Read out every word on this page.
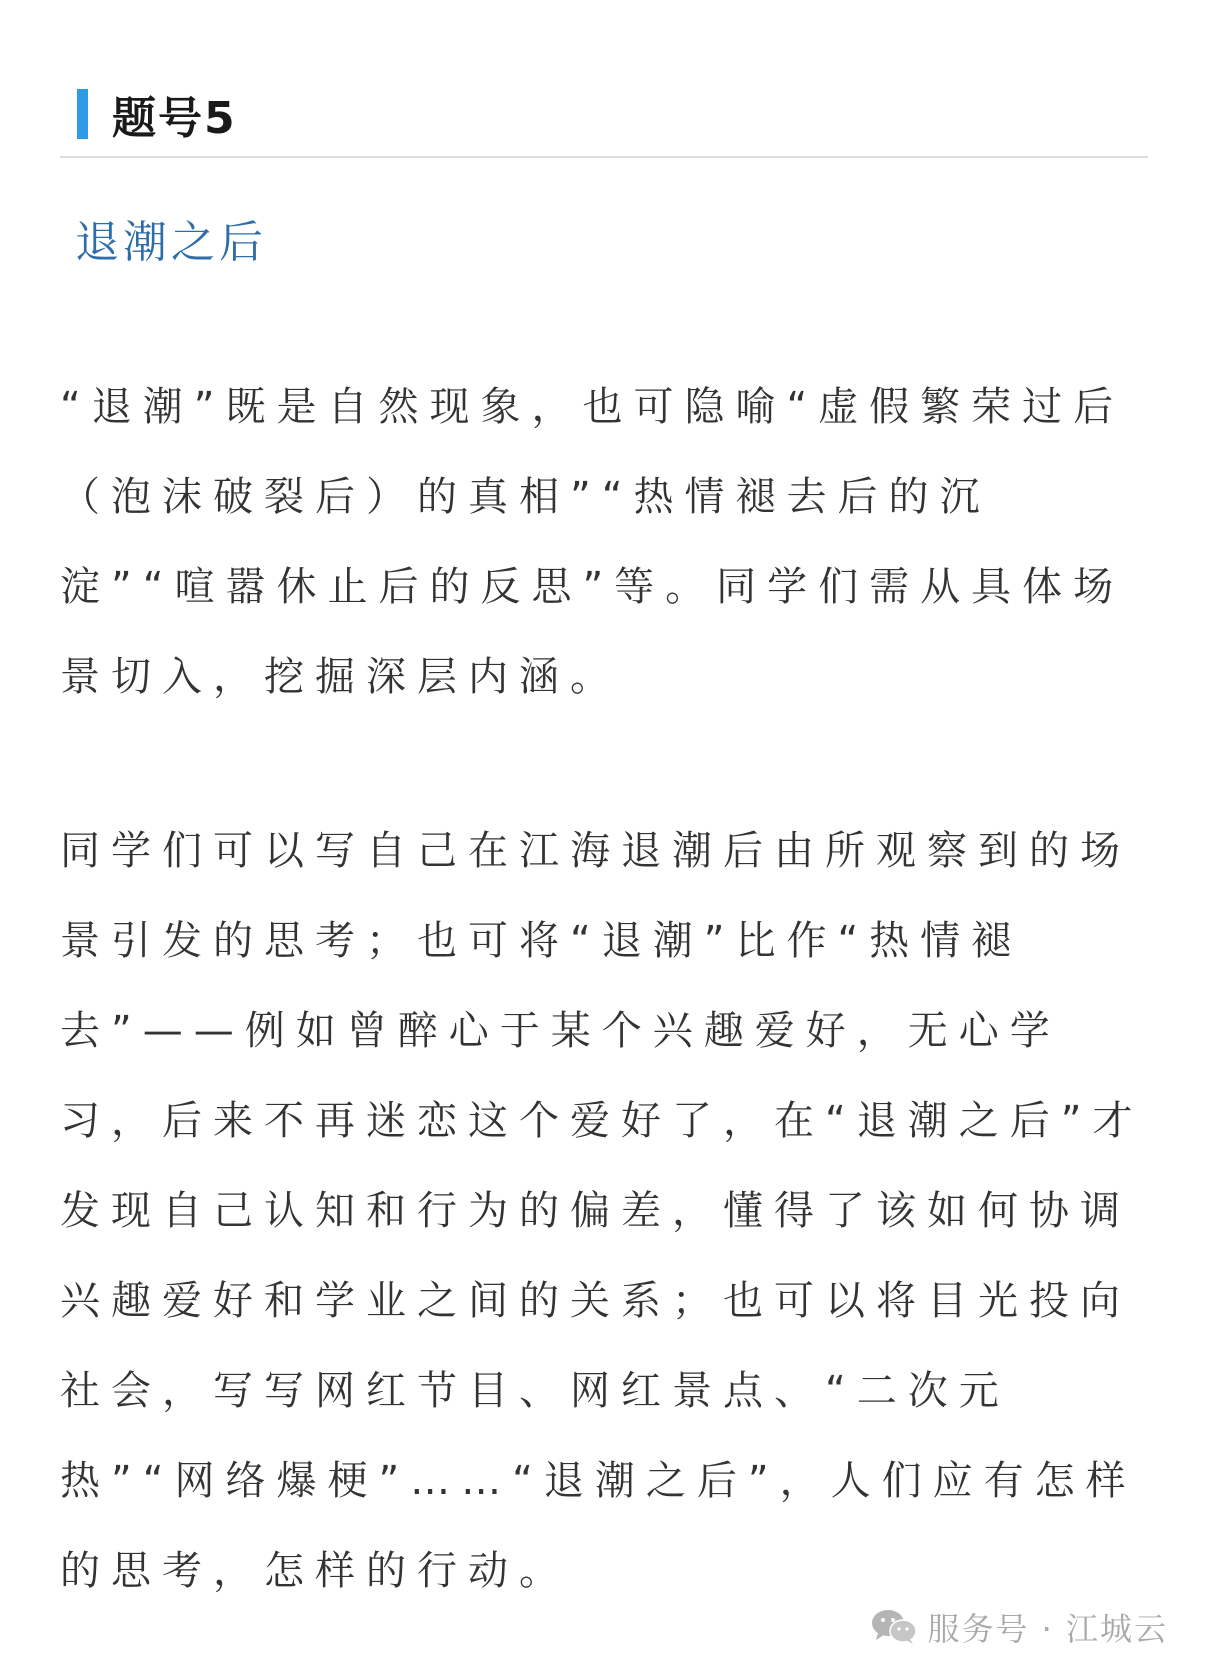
题号5
退潮之后

“退潮”既是自然现象，也可隐喻“虚假繁荣过后（泡沫破裂后）的真相”“热情褪去后的沉淀”“喧嚣休止后的反思”等。同学们需从具体场景切入，挖掘深层内涵。

同学们可以写自己在江海退潮后由所观察到的场景引发的思考；也可将“退潮”比作“热情褪去”——例如曾醉心于某个兴趣爱好，无心学习，后来不再迷恋这个爱好了，在“退潮之后”才发现自己认知和行为的偏差，懂得了该如何协调兴趣爱好和学业之间的关系；也可以将目光投向社会，写写网红节目、网红景点、“二次元热”“网络爆梗”……“退潮之后”，人们应有怎样的思考，怎样的行动。

服务号 · 江城云
